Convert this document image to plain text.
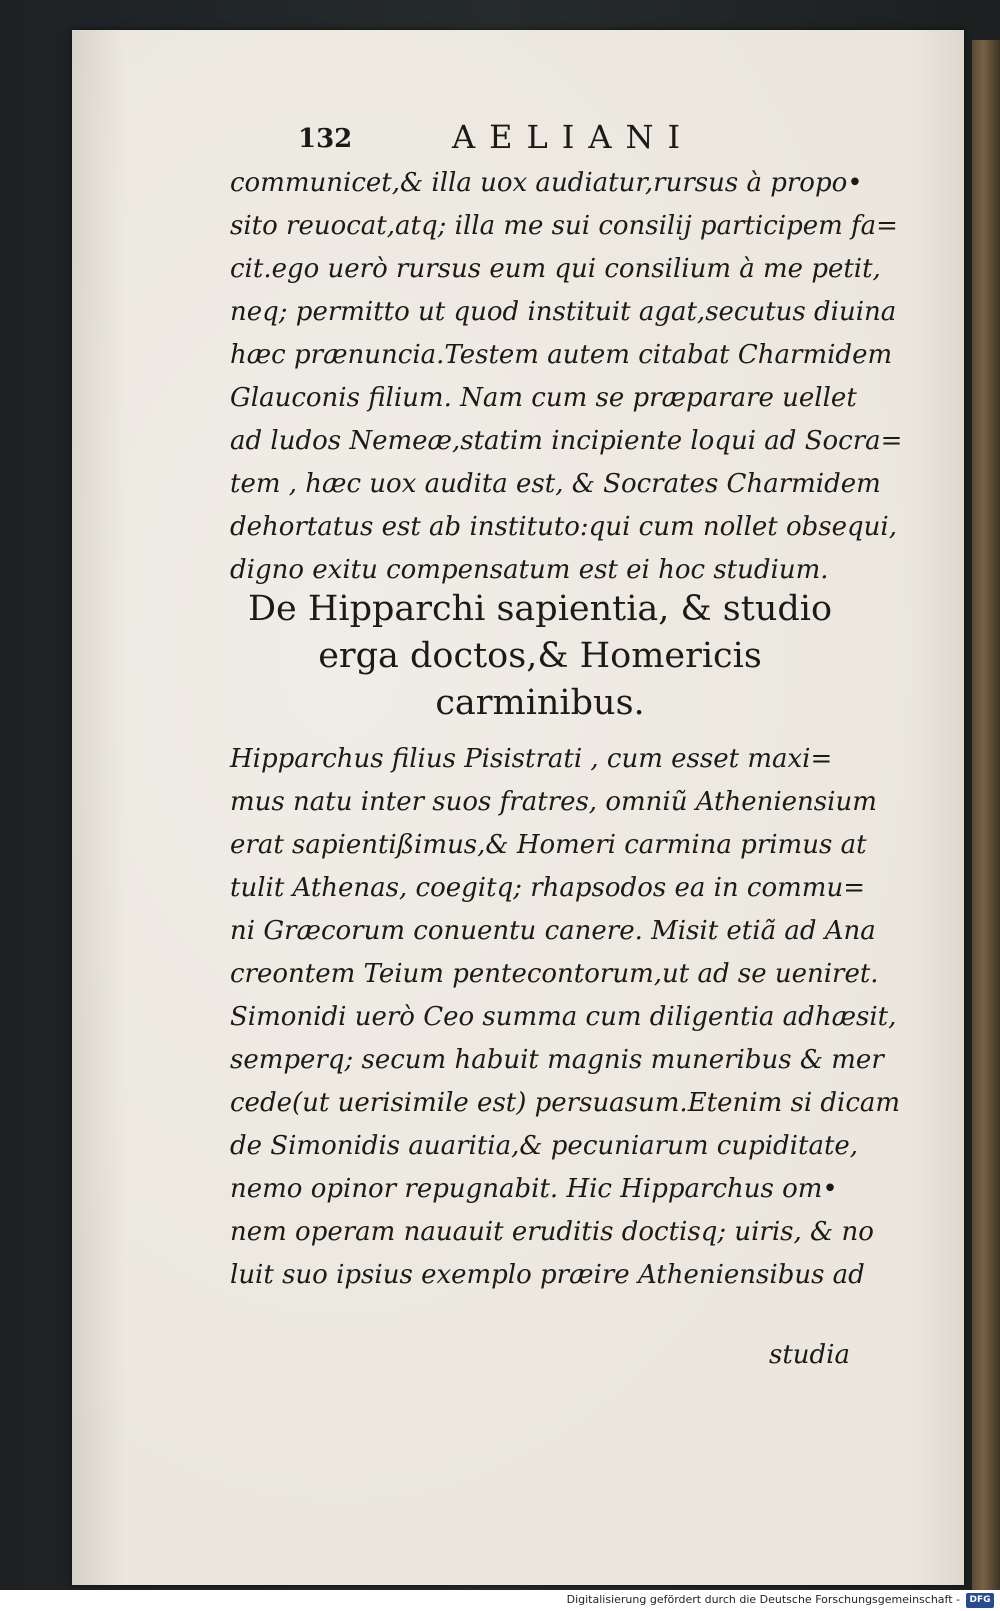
132	AELIANI
communicet,& illa uox audiatur,rursus à propo•
sito reuocat,atq; illa me sui consilij participem fa=
cit.ego uerò rursus eum qui consilium à me petit,
neq; permitto ut quod instituit agat,secutus diuina
hæc prænuncia.Testem autem citabat Charmidem
Glauconis filium. Nam cum se præparare uellet
ad ludos Nemeæ,statim incipiente loqui ad Socra=
tem , hæc uox audita est, & Socrates Charmidem
dehortatus est ab instituto:qui cum nollet obsequi,
digno exitu compensatum est ei hoc studium.
De Hipparchi sapientia, & studio
erga doctos,& Homericis
carminibus.
Hipparchus filius Pisistrati , cum esset maxi=
mus natu inter suos fratres, omniũ Atheniensium
erat sapientißimus,& Homeri carmina primus at
tulit Athenas, coegitq; rhapsodos ea in commu=
ni Græcorum conuentu canere. Misit etiã ad Ana
creontem Teium pentecontorum,ut ad se ueniret.
Simonidi uerò Ceo summa cum diligentia adhæsit,
semperq; secum habuit magnis muneribus & mer
cede(ut uerisimile est) persuasum.Etenim si dicam
de Simonidis auaritia,& pecuniarum cupiditate,
nemo opinor repugnabit. Hic Hipparchus om•
nem operam nauauit eruditis doctisq; uiris, & no
luit suo ipsius exemplo præire Atheniensibus ad
studia
Digitalisierung gefördert durch die Deutsche Forschungsgemeinschaft -	DFG
